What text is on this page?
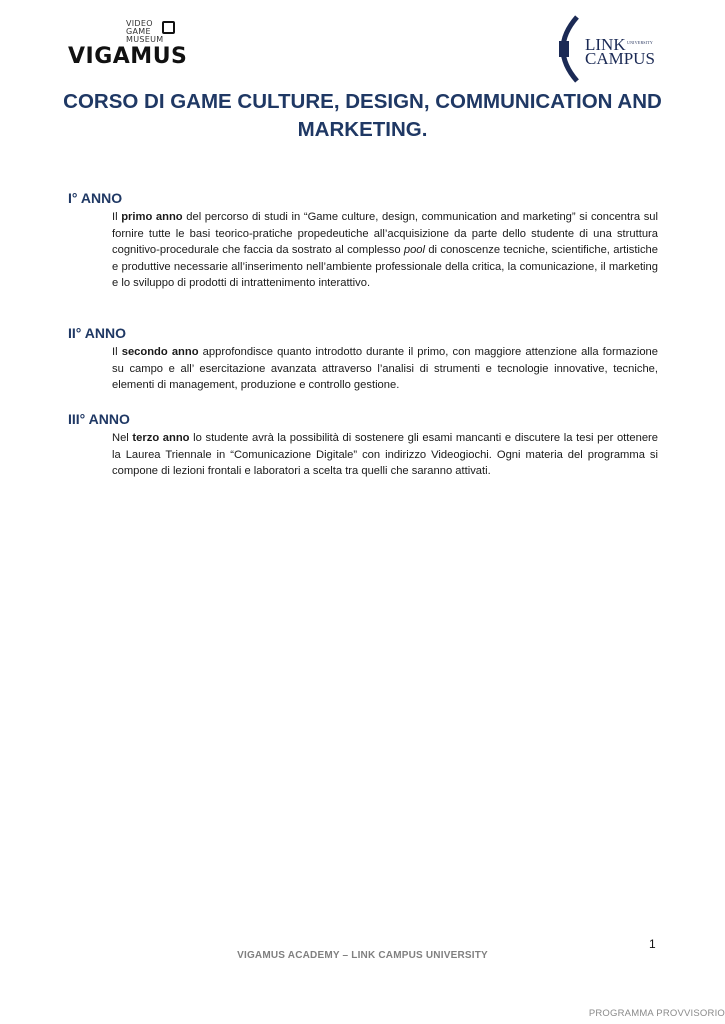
VIDEO
GAME
MUSEUM
VIGAMUS	LINK UNIVERSITY
CAMPUS
CORSO DI GAME CULTURE, DESIGN, COMMUNICATION AND MARKETING.
I° ANNO

Il primo anno del percorso di studi in “Game culture, design, communication and marketing” si concentra sul fornire tutte le basi teorico-pratiche propedeutiche all’acquisizione da parte dello studente di una struttura cognitivo-procedurale che faccia da sostrato al complesso pool di conoscenze tecniche, scientifiche, artistiche e produttive necessarie all’inserimento nell’ambiente professionale della critica, la comunicazione, il marketing e lo sviluppo di prodotti di intrattenimento interattivo.

II° ANNO

Il secondo anno approfondisce quanto introdotto durante il primo, con maggiore attenzione alla formazione su campo e all’ esercitazione avanzata attraverso l’analisi di strumenti e tecnologie innovative, tecniche, elementi di management, produzione e controllo gestione.

III° ANNO

Nel terzo anno lo studente avrà la possibilità di sostenere gli esami mancanti e discutere la tesi per ottenere la Laurea Triennale in “Comunicazione Digitale” con indirizzo Videogiochi. Ogni materia del programma si compone di lezioni frontali e laboratori a scelta tra quelli che saranno attivati.

1
VIGAMUS ACADEMY – LINK CAMPUS UNIVERSITY
PROGRAMMA PROVVISORIO
